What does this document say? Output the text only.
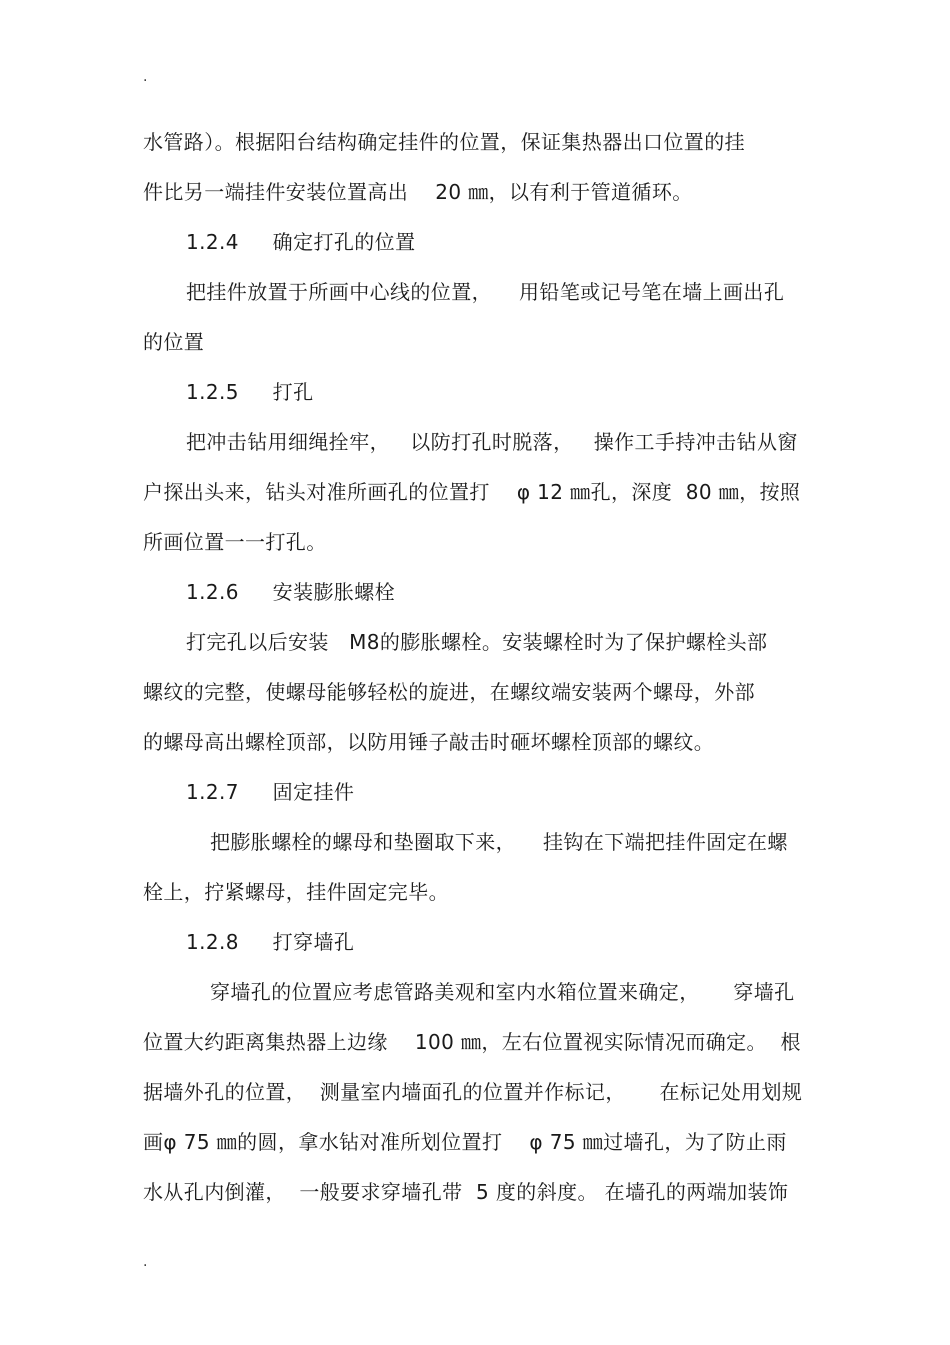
.
水管路）。根据阳台结构确定挂件的位置，保证集热器出口位置的挂
件比另一端挂件安装位置高出    20 ㎜，以有利于管道循环。
1.2.4     确定打孔的位置
把挂件放置于所画中心线的位置，    用铅笔或记号笔在墙上画出孔
的位置
1.2.5     打孔
把冲击钻用细绳拴牢，   以防打孔时脱落，   操作工手持冲击钻从窗
户探出头来，钻头对准所画孔的位置打    φ 12 ㎜孔，深度  80 ㎜，按照
所画位置一一打孔。
1.2.6     安装膨胀螺栓
打完孔以后安装   M8的膨胀螺栓。安装螺栓时为了保护螺栓头部
螺纹的完整，使螺母能够轻松的旋进，在螺纹端安装两个螺母，外部
的螺母高出螺栓顶部，以防用锤子敲击时砸坏螺栓顶部的螺纹。
1.2.7     固定挂件
把膨胀螺栓的螺母和垫圈取下来，    挂钩在下端把挂件固定在螺
栓上，拧紧螺母，挂件固定完毕。
1.2.8     打穿墙孔
穿墙孔的位置应考虑管路美观和室内水箱位置来确定，     穿墙孔
位置大约距离集热器上边缘    100 ㎜，左右位置视实际情况而确定。  根
据墙外孔的位置，  测量室内墙面孔的位置并作标记，     在标记处用划规
画φ 75 ㎜的圆，拿水钻对准所划位置打    φ 75 ㎜过墙孔，为了防止雨
水从孔内倒灌，  一般要求穿墙孔带  5 度的斜度。 在墙孔的两端加装饰
.
